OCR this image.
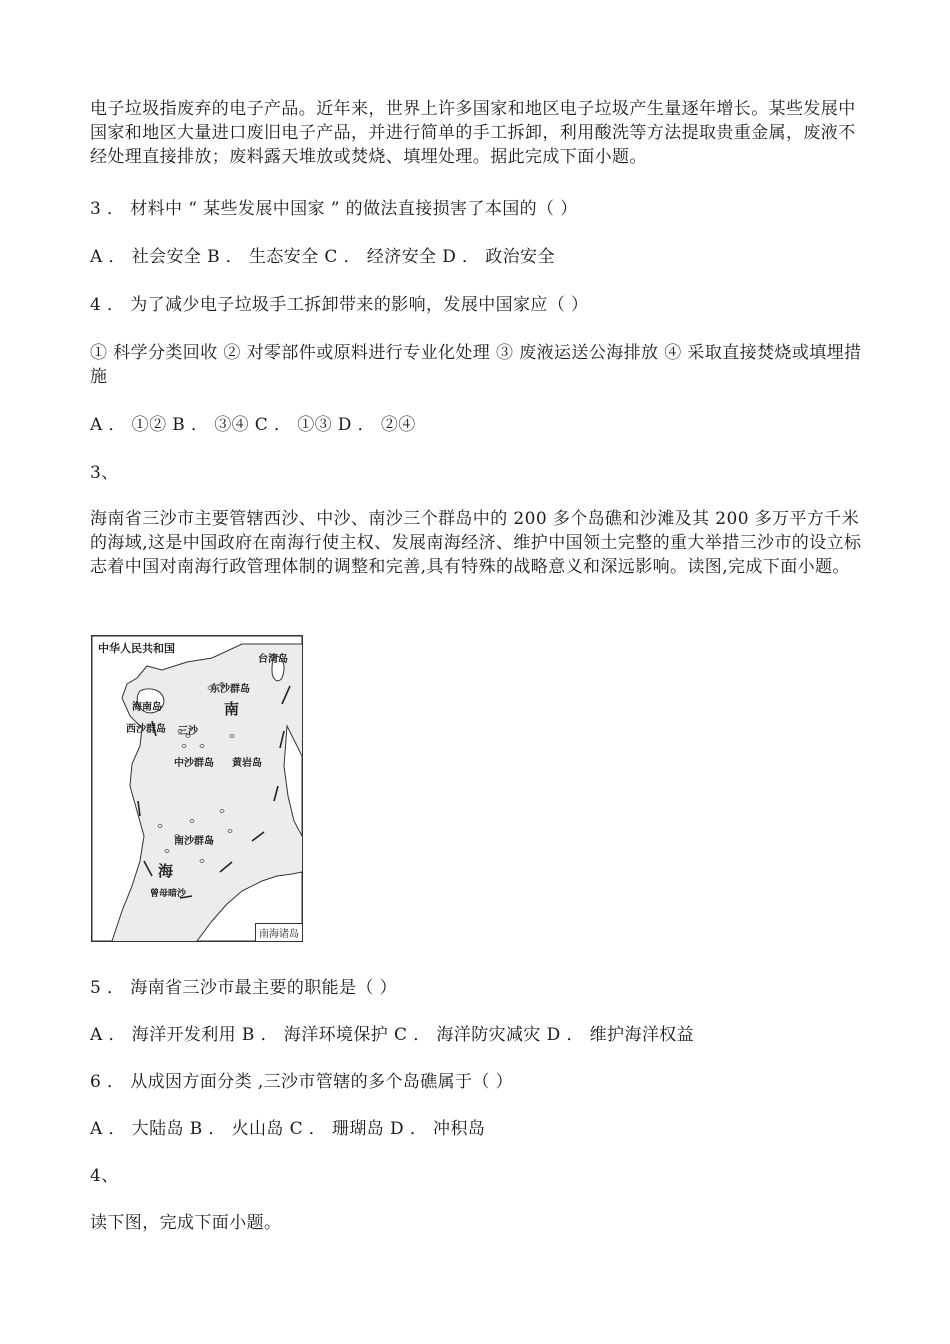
电子垃圾指废弃的电子产品。近年来，世界上许多国家和地区电子垃圾产生量逐年增长。某些发展中国家和地区大量进口废旧电子产品，并进行简单的手工拆卸，利用酸洗等方法提取贵重金属，废液不经处理直接排放；废料露天堆放或焚烧、填埋处理。据此完成下面小题。

3 ． 材料中 “ 某些发展中国家 ” 的做法直接损害了本国的（ ）

A ． 社会安全 B ． 生态安全 C ． 经济安全 D ． 政治安全

4 ． 为了减少电子垃圾手工拆卸带来的影响，发展中国家应（ ）

① 科学分类回收 ② 对零部件或原料进行专业化处理 ③ 废液运送公海排放 ④ 采取直接焚烧或填埋措施

A ． ①② B ． ③④ C ． ①③ D ． ②④

3、

海南省三沙市主要管辖西沙、中沙、南沙三个群岛中的 200 多个岛礁和沙滩及其 200 多万平方千米的海域,这是中国政府在南海行使主权、发展南海经济、维护中国领土完整的重大举措三沙市的设立标志着中国对南海行政管理体制的调整和完善,具有特殊的战略意义和深远影响。读图,完成下面小题。

中华人民共和国
台湾岛
东沙群岛
海南岛	南
西沙群岛 三沙
中沙群岛 黄岩岛
南沙群岛
海
曾母暗沙
南海诸岛

5 ． 海南省三沙市最主要的职能是（ ）

A ． 海洋开发利用 B ． 海洋环境保护 C ． 海洋防灾减灾 D ． 维护海洋权益

6 ． 从成因方面分类 ,三沙市管辖的多个岛礁属于（ ）

A ． 大陆岛 B ． 火山岛 C ． 珊瑚岛 D ． 冲积岛

4、

读下图，完成下面小题。
